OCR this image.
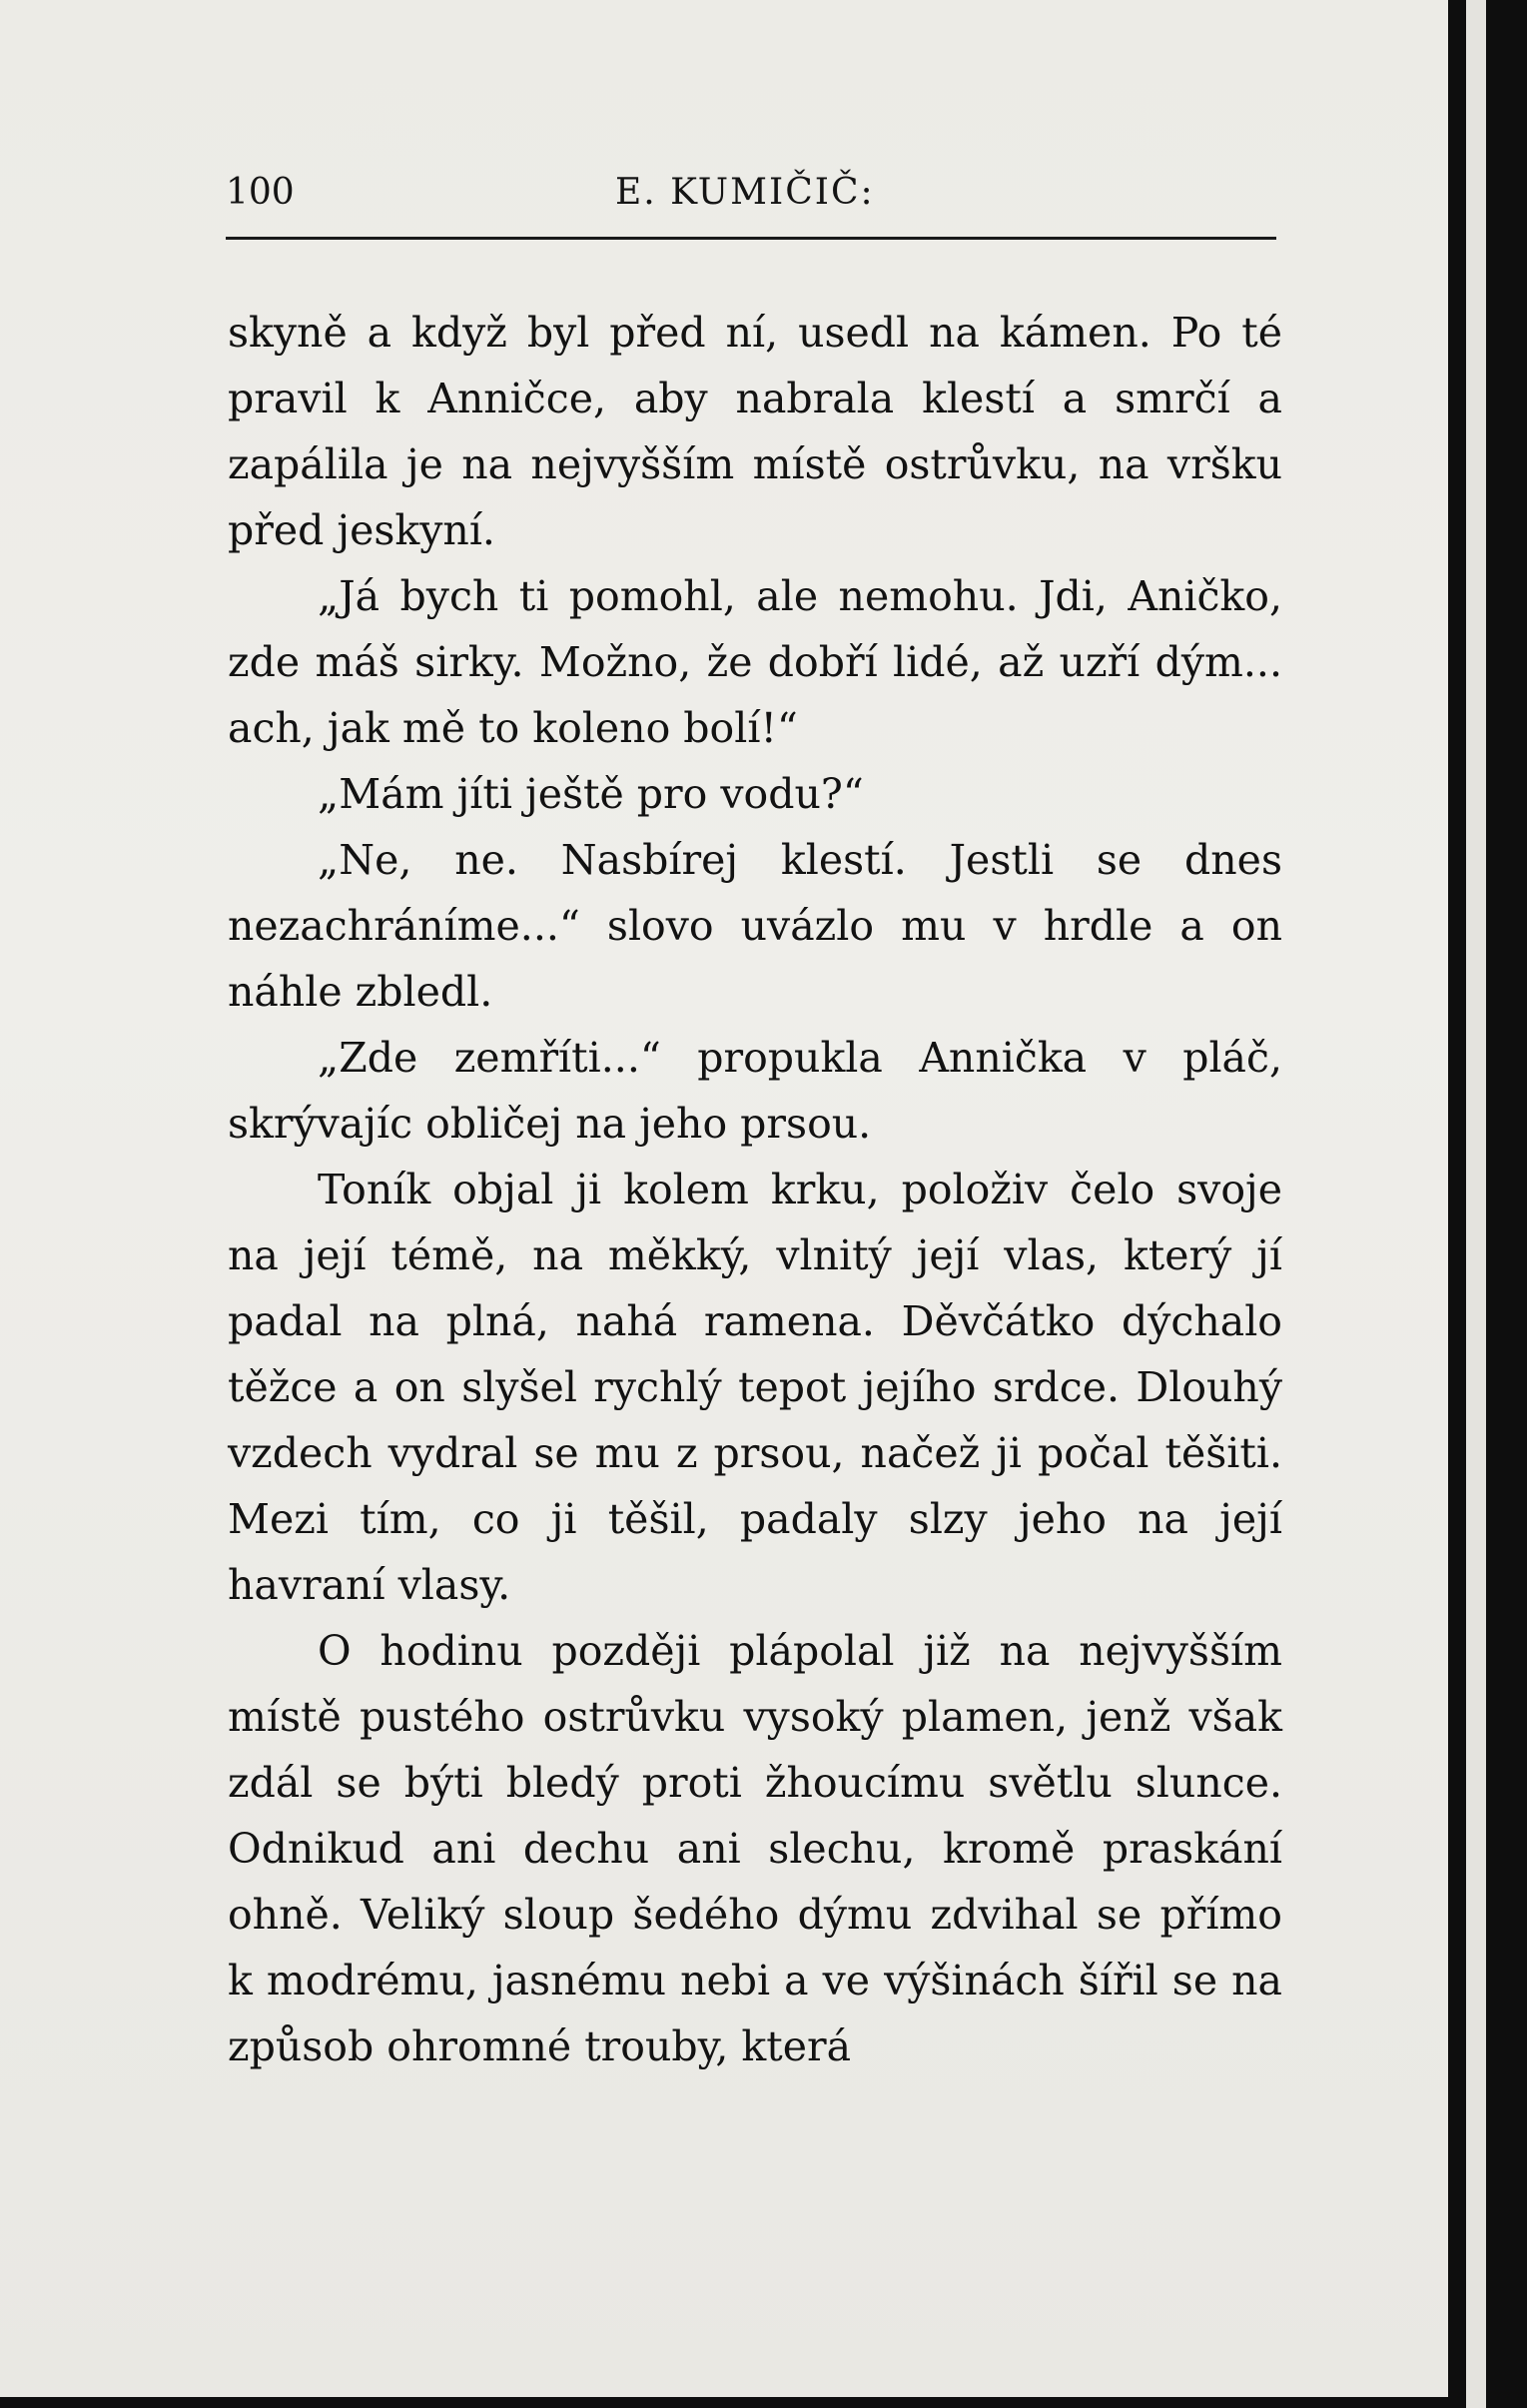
100	E. KUMIČIČ:

skyně a když byl před ní, usedl na kámen. Po té pravil k Anničce, aby nabrala klestí a smrčí a zapálila je na nejvyšším místě ostrůvku, na vršku před jeskyní.

„Já bych ti pomohl, ale nemohu. Jdi, Aničko, zde máš sirky. Možno, že dobří lidé, až uzří dým... ach, jak mě to koleno bolí!“

„Mám jíti ještě pro vodu?“

„Ne, ne. Nasbírej klestí. Jestli se dnes nezachráníme...“ slovo uvázlo mu v hrdle a on náhle zbledl.

„Zde zemříti...“ propukla Annička v pláč, skrývajíc obličej na jeho prsou.

Toník objal ji kolem krku, položiv čelo svoje na její témě, na měkký, vlnitý její vlas, který jí padal na plná, nahá ramena. Děvčátko dýchalo těžce a on slyšel rychlý tepot jejího srdce. Dlouhý vzdech vydral se mu z prsou, načež ji počal těšiti. Mezi tím, co ji těšil, padaly slzy jeho na její havraní vlasy.

O hodinu později plápolal již na nejvyšším místě pustého ostrůvku vysoký plamen, jenž však zdál se býti bledý proti žhoucímu světlu slunce. Odnikud ani dechu ani slechu, kromě praskání ohně. Veliký sloup šedého dýmu zdvihal se přímo k modrému, jasnému nebi a ve výšinách šířil se na způsob ohromné trouby, která
